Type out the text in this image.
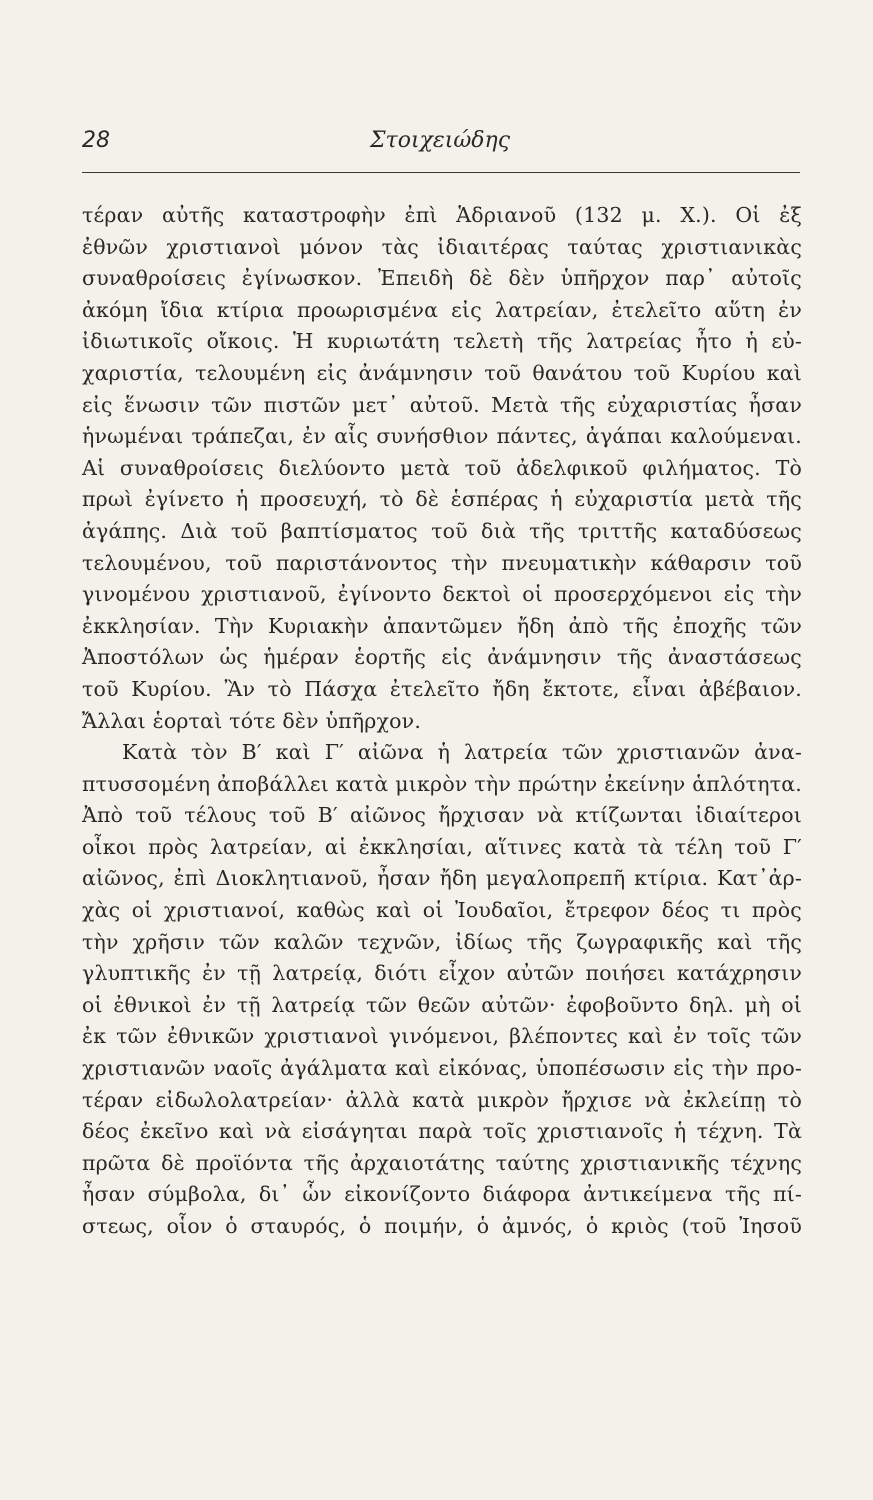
28	Στοιχειώδης
τέραν αὐτῆς καταστροφὴν ἐπὶ Ἁδριανοῦ (132 μ. Χ.). Οἱ ἐξ
ἐθνῶν χριστιανοὶ μόνον τὰς ἰδιαιτέρας ταύτας χριστιανικὰς
συναθροίσεις ἐγίνωσκον. Ἐπειδὴ δὲ δὲν ὑπῆρχον παρ᾽ αὐτοῖς
ἀκόμη ἴδια κτίρια προωρισμένα εἰς λατρείαν, ἐτελεῖτο αὕτη ἐν
ἰδιωτικοῖς οἴκοις. Ἡ κυριωτάτη τελετὴ τῆς λατρείας ἦτο ἡ εὐ-
χαριστία, τελουμένη εἰς ἀνάμνησιν τοῦ θανάτου τοῦ Κυρίου καὶ
εἰς ἕνωσιν τῶν πιστῶν μετ᾽ αὐτοῦ. Μετὰ τῆς εὐχαριστίας ἦσαν
ἡνωμέναι τράπεζαι, ἐν αἷς συνήσθιον πάντες, ἀγάπαι καλούμεναι.
Αἱ συναθροίσεις διελύοντο μετὰ τοῦ ἀδελφικοῦ φιλήματος. Τὸ
πρωὶ ἐγίνετο ἡ προσευχή, τὸ δὲ ἑσπέρας ἡ εὐχαριστία μετὰ τῆς
ἀγάπης. Διὰ τοῦ βαπτίσματος τοῦ διὰ τῆς τριττῆς καταδύσεως
τελουμένου, τοῦ παριστάνοντος τὴν πνευματικὴν κάθαρσιν τοῦ
γινομένου χριστιανοῦ, ἐγίνοντο δεκτοὶ οἱ προσερχόμενοι εἰς τὴν
ἐκκλησίαν. Τὴν Κυριακὴν ἀπαντῶμεν ἤδη ἀπὸ τῆς ἐποχῆς τῶν
Ἀποστόλων ὡς ἡμέραν ἑορτῆς εἰς ἀνάμνησιν τῆς ἀναστάσεως
τοῦ Κυρίου. Ἂν τὸ Πάσχα ἐτελεῖτο ἤδη ἔκτοτε, εἶναι ἀβέβαιον.
Ἄλλαι ἑορταὶ τότε δὲν ὑπῆρχον.
Κατὰ τὸν Β′ καὶ Γ′ αἰῶνα ἡ λατρεία τῶν χριστιανῶν ἀνα-
πτυσσομένη ἀποβάλλει κατὰ μικρὸν τὴν πρώτην ἐκείνην ἁπλότητα.
Ἀπὸ τοῦ τέλους τοῦ Β′ αἰῶνος ἤρχισαν νὰ κτίζωνται ἰδιαίτεροι
οἶκοι πρὸς λατρείαν, αἱ ἐκκλησίαι, αἵτινες κατὰ τὰ τέλη τοῦ Γ′
αἰῶνος, ἐπὶ Διοκλητιανοῦ, ἦσαν ἤδη μεγαλοπρεπῆ κτίρια. Κατ᾽ἀρ-
χὰς οἱ χριστιανοί, καθὼς καὶ οἱ Ἰουδαῖοι, ἔτρεφον δέος τι πρὸς
τὴν χρῆσιν τῶν καλῶν τεχνῶν, ἰδίως τῆς ζωγραφικῆς καὶ τῆς
γλυπτικῆς ἐν τῇ λατρείᾳ, διότι εἶχον αὐτῶν ποιήσει κατάχρησιν
οἱ ἐθνικοὶ ἐν τῇ λατρείᾳ τῶν θεῶν αὐτῶν· ἐφοβοῦντο δηλ. μὴ οἱ
ἐκ τῶν ἐθνικῶν χριστιανοὶ γινόμενοι, βλέποντες καὶ ἐν τοῖς τῶν
χριστιανῶν ναοῖς ἀγάλματα καὶ εἰκόνας, ὑποπέσωσιν εἰς τὴν προ-
τέραν εἰδωλολατρείαν· ἀλλὰ κατὰ μικρὸν ἤρχισε νὰ ἐκλείπῃ τὸ
δέος ἐκεῖνο καὶ νὰ εἰσάγηται παρὰ τοῖς χριστιανοῖς ἡ τέχνη. Τὰ
πρῶτα δὲ προϊόντα τῆς ἀρχαιοτάτης ταύτης χριστιανικῆς τέχνης
ἦσαν σύμβολα, δι᾽ ὧν εἰκονίζοντο διάφορα ἀντικείμενα τῆς πί-
στεως, οἷον ὁ σταυρός, ὁ ποιμήν, ὁ ἀμνός, ὁ κριὸς (τοῦ Ἰησοῦ
